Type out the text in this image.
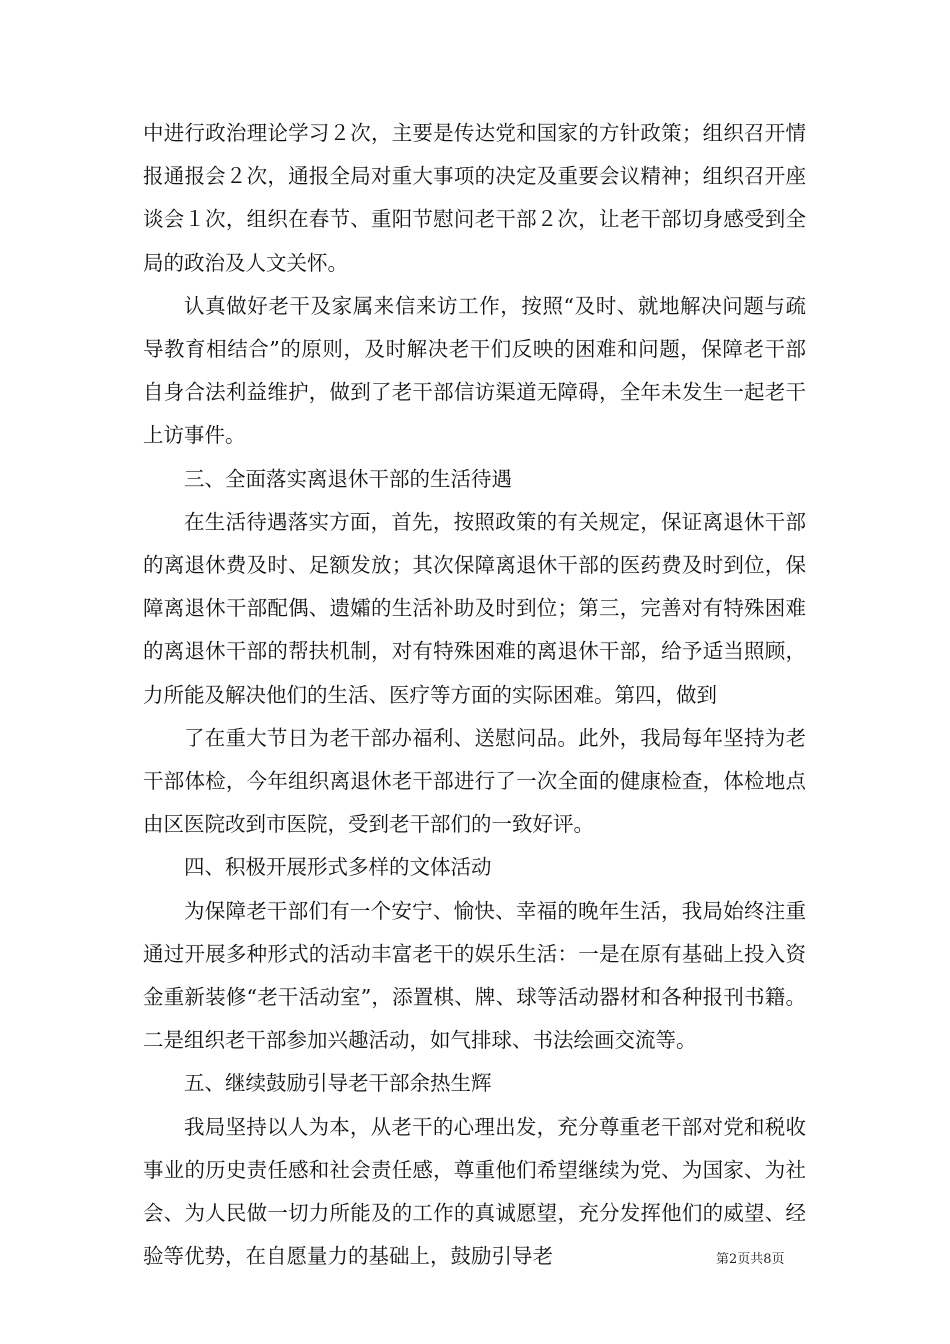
中进行政治理论学习２次，主要是传达党和国家的方针政策；组织召开情报通报会２次，通报全局对重大事项的决定及重要会议精神；组织召开座谈会１次，组织在春节、重阳节慰问老干部２次，让老干部切身感受到全局的政治及人文关怀。

认真做好老干及家属来信来访工作，按照“及时、就地解决问题与疏导教育相结合”的原则，及时解决老干们反映的困难和问题，保障老干部自身合法利益维护，做到了老干部信访渠道无障碍，全年未发生一起老干上访事件。

三、全面落实离退休干部的生活待遇

在生活待遇落实方面，首先，按照政策的有关规定，保证离退休干部的离退休费及时、足额发放；其次保障离退休干部的医药费及时到位，保障离退休干部配偶、遗孀的生活补助及时到位；第三，完善对有特殊困难的离退休干部的帮扶机制，对有特殊困难的离退休干部，给予适当照顾，力所能及解决他们的生活、医疗等方面的实际困难。第四，做到

了在重大节日为老干部办福利、送慰问品。此外，我局每年坚持为老干部体检，今年组织离退休老干部进行了一次全面的健康检查，体检地点由区医院改到市医院，受到老干部们的一致好评。

四、积极开展形式多样的文体活动

为保障老干部们有一个安宁、愉快、幸福的晚年生活，我局始终注重通过开展多种形式的活动丰富老干的娱乐生活：一是在原有基础上投入资金重新装修“老干活动室”，添置棋、牌、球等活动器材和各种报刊书籍。二是组织老干部参加兴趣活动，如气排球、书法绘画交流等。

五、继续鼓励引导老干部余热生辉

我局坚持以人为本，从老干的心理出发，充分尊重老干部对党和税收事业的历史责任感和社会责任感，尊重他们希望继续为党、为国家、为社会、为人民做一切力所能及的工作的真诚愿望，充分发挥他们的威望、经验等优势，在自愿量力的基础上，鼓励引导老	第2页共8页
